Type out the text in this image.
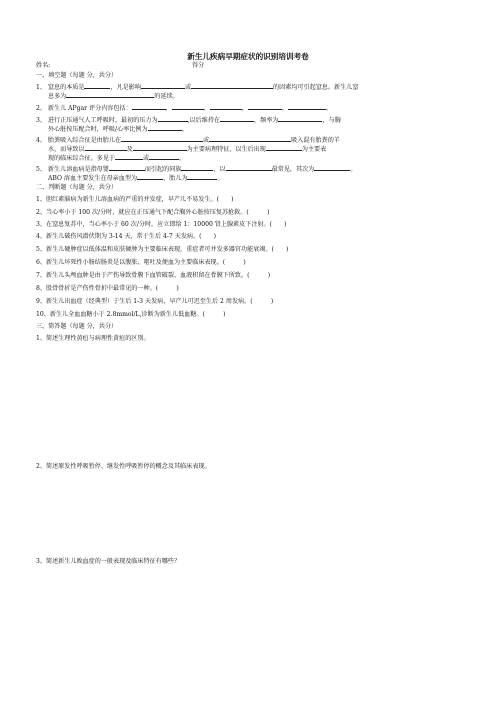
新生儿疾病早期症状的识别培训考卷
姓名:	得分
一、填空题（每题 分，共分）
1、 窒息的本质是	，凡是影响	或	的因素均可引起窒息。新生儿窒
息多为	的延续。
2、 新生儿 APgar 评分内容包括：	，	，	，	，	。
3、 进行正压通气人工呼吸时，最初的压力为	,以后维持在	，频率为	，与胸
外心脏按压配合时，呼吸/心率比例为	。
4、 胎粪吸入综合征是由胎儿在	或	吸入混有胎粪的羊
水，而导致以	及	为主要病理特征，以生后出现	为主要表
现的临床综合征。多见于	或	。
5、 新生儿溶血病是指母婴	而引起的同族	，以	最常见，其次为	。
ABO 溶血主要发生在母亲血型为	，胎儿为	。
二、判断题（每题 分，共分）
1、胆红素脑病为新生儿溶血病的严重的并发症，早产儿不易发生。(　　)
2、当心率小于 100 次/分时，就应在正压通气下配合胸外心脏按压复苏抢救。(　　　)
3、在窒息复苏中，当心率小于 60 次/分时，应立即给 1：10000 肾上腺素皮下注射。(　　)
4、新生儿破伤风潜伏期为 3-14 天，常于生后 4-7 天发病。(　　)
5、新生儿硬肿症以低体温和皮肤硬肿为主要临床表现，重症者可并发多器官功能衰竭。(　　)
6、新生儿坏死性小肠结肠炎是以腹胀、呕吐及便血为主要临床表现。(　　　)
7、新生儿头颅血肿是由于产伤导致骨膜下血管破裂、血液积留在骨膜下所致。(　　　)
8、股骨骨折是产伤性骨折中最常见的一种。(　　　)
9、新生儿出血症（经典型）于生后 1-3 天发病，早产儿可迟至生后 2 周发病。(　　　)
10、新生儿全血血糖小于 2.8mmol/L,诊断为新生儿低血糖。(　　　)
三、简答题（每题 分，共分）
1、简述生理性黄疸与病理性黄疸的区别。
2、简述原发性呼吸暂停、继发性呼吸暂停的概念及其临床表现。
3、简述新生儿败血症的一般表现及临床特征有哪些？
